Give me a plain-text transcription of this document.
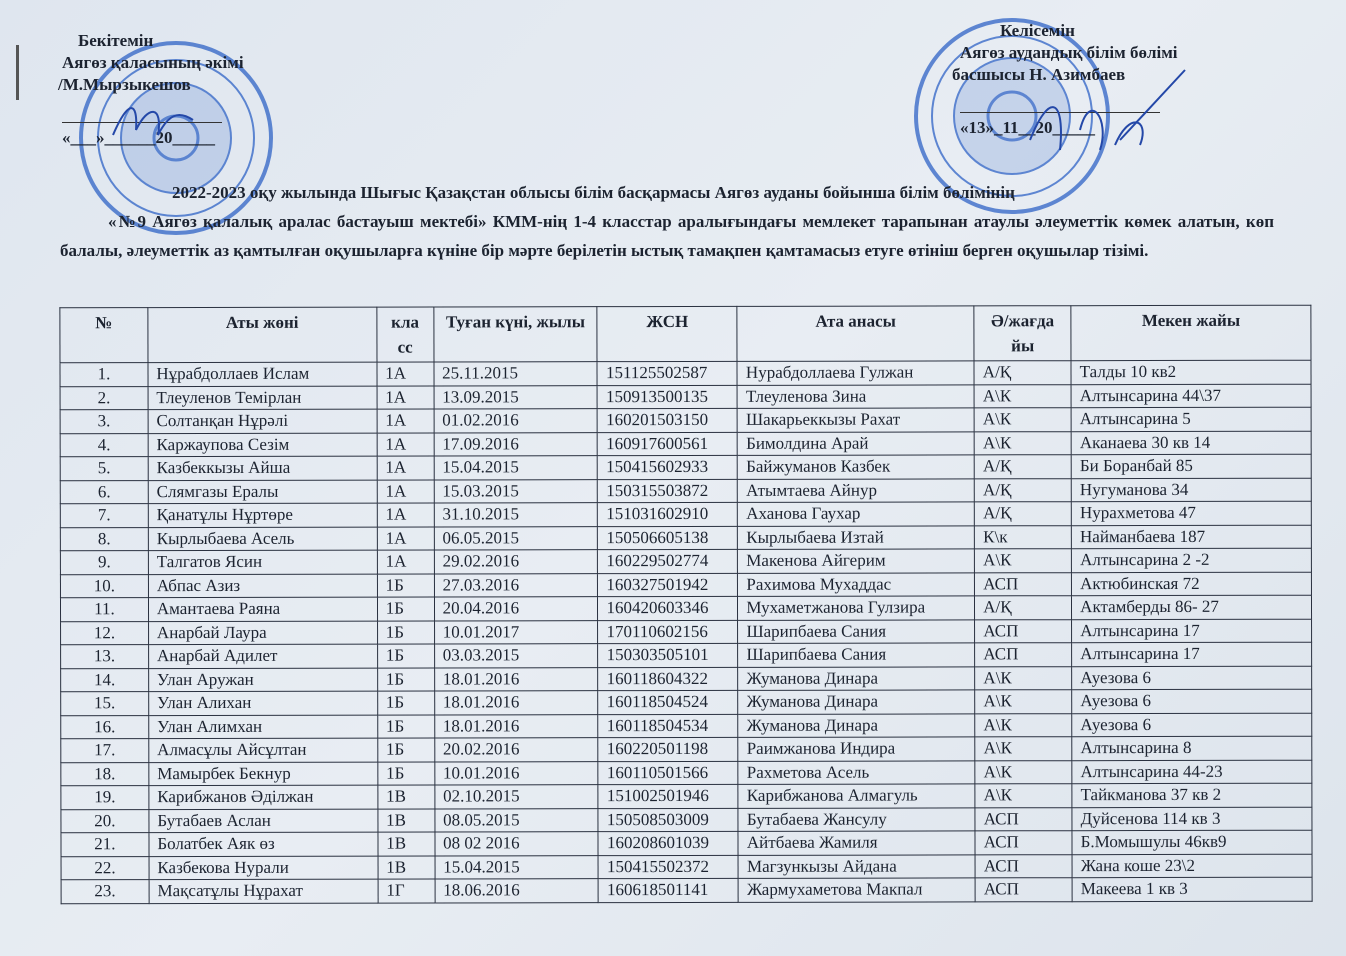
Бекітемін
Аягөз қаласының әкімі
/М.Мырзыкешов
«___»______20_____
Келісемін
Аягөз аудандық білім бөлімі
басшысы Н. Азимбаев
«13»_11__20_____

2022-2023 оқу жылында Шығыс Қазақстан облысы білім басқармасы Аягөз ауданы бойынша білім бөлімінің

«№9 Аягөз қалалық аралас бастауыш мектебі» КММ-нің 1-4 класстар аралығындағы мемлекет тарапынан атаулы әлеуметтік көмек алатын, көп балалы, әлеуметтік аз қамтылған оқушыларға күніне бір мәрте берілетін ыстық тамақпен қамтамасыз етуге өтініш берген оқушылар тізімі.

№	Аты жөні	кла сс	Туған күні, жылы	ЖСН	Ата анасы	Ә/жағда йы	Мекен жайы
1.	Нұрабдоллаев Ислам	1А	25.11.2015	151125502587	Нурабдоллаева Гулжан	А/Қ	Талды 10 кв2
2.	Тлеуленов Темірлан	1А	13.09.2015	150913500135	Тлеуленова Зина	А\К	Алтынсарина 44\37
3.	Солтанқан Нұрәлі	1А	01.02.2016	160201503150	Шакарьеккызы Рахат	А\К	Алтынсарина 5
4.	Каржаупова Сезім	1А	17.09.2016	160917600561	Бимолдина Арай	А\К	Аканаева 30 кв 14
5.	Казбеккызы Айша	1А	15.04.2015	150415602933	Байжуманов Казбек	А/Қ	Би Боранбай 85
6.	Слямгазы Ералы	1А	15.03.2015	150315503872	Атымтаева Айнур	А/Қ	Нугуманова 34
7.	Қанатұлы Нұртөре	1А	31.10.2015	151031602910	Аханова Гаухар	А/Қ	Нурахметова 47
8.	Кырлыбаева Асель	1А	06.05.2015	150506605138	Кырлыбаева Изтай	К\к	Найманбаева 187
9.	Талгатов Ясин	1А	29.02.2016	160229502774	Макенова Айгерим	А\К	Алтынсарина 2 -2
10.	Абпас Азиз	1Б	27.03.2016	160327501942	Рахимова Мухаддас	АСП	Актюбинская 72
11.	Амантаева Раяна	1Б	20.04.2016	160420603346	Мухаметжанова Гулзира	А/Қ	Актамберды 86- 27
12.	Анарбай Лаура	1Б	10.01.2017	170110602156	Шарипбаева Сания	АСП	Алтынсарина 17
13.	Анарбай Адилет	1Б	03.03.2015	150303505101	Шарипбаева Сания	АСП	Алтынсарина 17
14.	Улан Аружан	1Б	18.01.2016	160118604322	Жуманова Динара	А\К	Ауезова 6
15.	Улан Алихан	1Б	18.01.2016	160118504524	Жуманова Динара	А\К	Ауезова 6
16.	Улан Алимхан	1Б	18.01.2016	160118504534	Жуманова Динара	А\К	Ауезова 6
17.	Алмасұлы Айсұлтан	1Б	20.02.2016	160220501198	Раимжанова Индира	А\К	Алтынсарина 8
18.	Мамырбек Бекнур	1Б	10.01.2016	160110501566	Рахметова Асель	А\К	Алтынсарина 44-23
19.	Карибжанов Әділжан	1В	02.10.2015	151002501946	Карибжанова Алмагуль	А\К	Тайкманова 37 кв 2
20.	Бутабаев Аслан	1В	08.05.2015	150508503009	Бутабаева Жансулу	АСП	Дуйсенова 114 кв 3
21.	Болатбек Аяк өз	1В	08 02 2016	160208601039	Айтбаева Жамиля	АСП	Б.Момышулы 46кв9
22.	Казбекова Нурали	1В	15.04.2015	150415502372	Магзункызы Айдана	АСП	Жана коше 23\2
23.	Мақсатұлы Нұрахат	1Г	18.06.2016	160618501141	Жармухаметова Макпал	АСП	Макеева 1 кв 3
